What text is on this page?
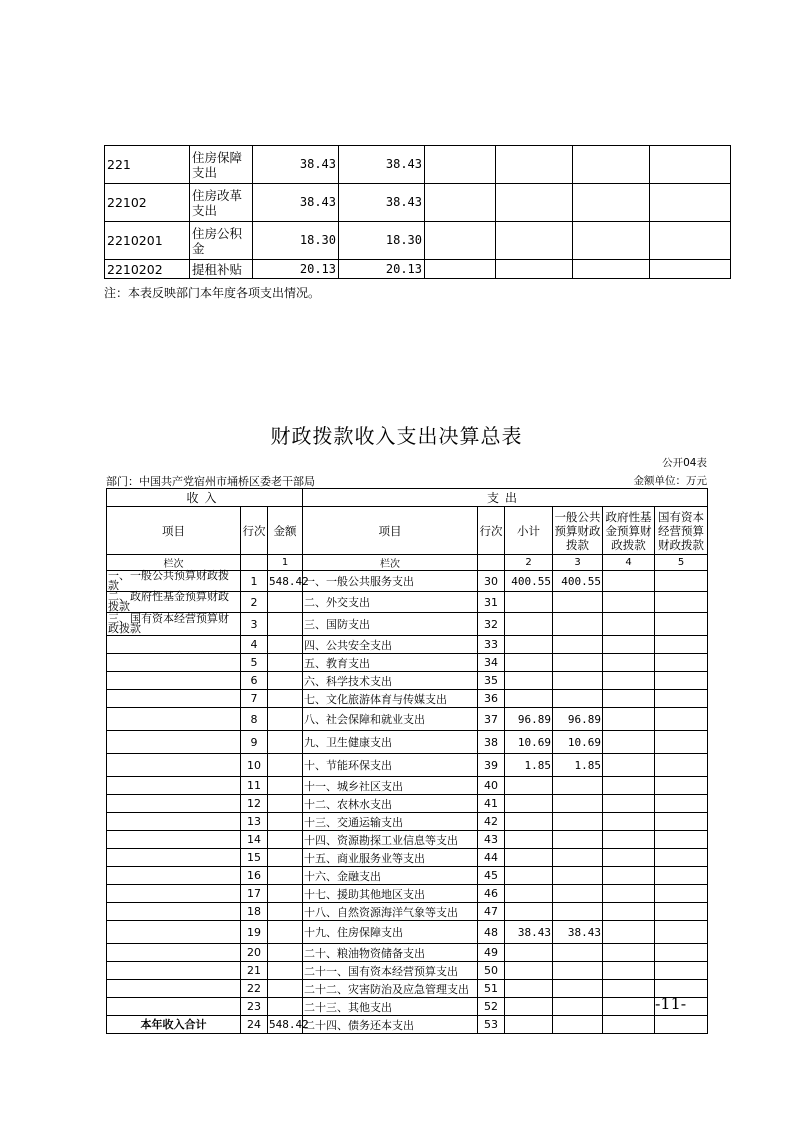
221	住房保障支出	38.43	38.43				
22102	住房改革支出	38.43	38.43				
2210201	住房公积金	18.30	18.30				
2210202	提租补贴	20.13	20.13				
注：本表反映部门本年度各项支出情况。
财政拨款收入支出决算总表
公开04表
部门：中国共产党宿州市埇桥区委老干部局	金额单位：万元
收入			支出					
项目	行次	金额	项目	行次	小计	一般公共预算财政拨款	政府性基金预算财政拨款	国有资本经营预算财政拨款
栏次		1	栏次		2	3	4	5
一、一般公共预算财政拨款	1	548.42	一、一般公共服务支出	30	400.55	400.55		
二、政府性基金预算财政拨款	2		二、外交支出	31				
三、国有资本经营预算财政拨款	3		三、国防支出	32				
	4		四、公共安全支出	33				
	5		五、教育支出	34				
	6		六、科学技术支出	35				
	7		七、文化旅游体育与传媒支出	36				
	8		八、社会保障和就业支出	37	96.89	96.89		
	9		九、卫生健康支出	38	10.69	10.69		
	10		十、节能环保支出	39	1.85	1.85		
	11		十一、城乡社区支出	40				
	12		十二、农林水支出	41				
	13		十三、交通运输支出	42				
	14		十四、资源勘探工业信息等支出	43				
	15		十五、商业服务业等支出	44				
	16		十六、金融支出	45				
	17		十七、援助其他地区支出	46				
	18		十八、自然资源海洋气象等支出	47				
	19		十九、住房保障支出	48	38.43	38.43		
	20		二十、粮油物资储备支出	49				
	21		二十一、国有资本经营预算支出	50				
	22		二十二、灾害防治及应急管理支出	51				
	23		二十三、其他支出	52				
本年收入合计	24	548.42	二十四、债务还本支出	53				
-11-
